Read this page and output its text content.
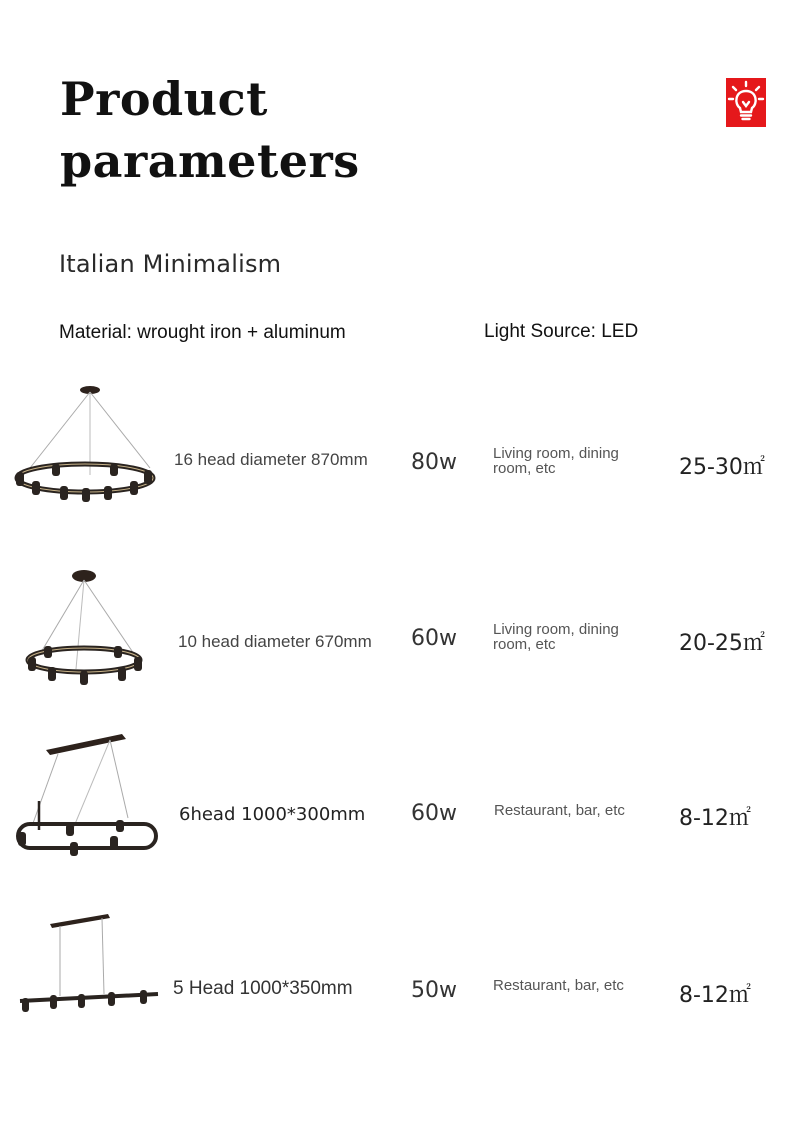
Product
parameters
Italian Minimalism
Material: wrought iron + aluminum	Light Source: LED
16 head diameter 870mm 80w Living room, dining room, etc	25-30㎡
10 head diameter 670mm 60w Living room, dining room, etc	20-25㎡
6head 1000*300mm 60w Restaurant, bar, etc	8-12㎡
5 Head 1000*350mm	50w Restaurant, bar, etc	8-12㎡
